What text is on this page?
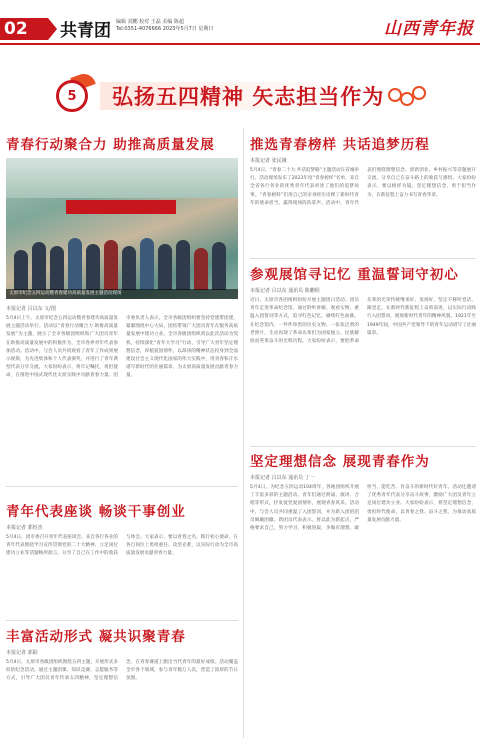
02	共青团 编辑 刘鹏 校对 王磊 美编 陈超
Tel:0351-4076666 2023年5月7日 星期日	山西青年报
5	弘扬五四精神 矢志担当作为
青春行动聚合力 助推高质量发展
太原市纪念五四运动暨青春建功高质量发展主题活动现场
本报记者 吕以东 文/图
5月4日上午，太原市纪念五四运动暨青春建功高质量发展主题活动举行。活动以“青春行动聚合力 助推高质量发展”为主题，展示了全市各级团组织和广大团员青年在助推高质量发展中的积极作为，全市各界青年代表参加活动。活动中，与会人员共同观看了青年工作成果展示视频，为先进集体和个人代表颁奖，并进行了青年典型代表分享交流。大家纷纷表示，将牢记嘱托，勇担使命，在推进中国式现代化太原实践中贡献青春力量。团市委负责人表示，全市各级团组织要坚持党建带团建，紧紧围绕中心大局，团结带领广大团员青年在服务高质量发展中建功立业。全市各级团组织将以此次活动为契机，持续深化“青年大学习”行动，引导广大青年坚定理想信念，厚植爱国情怀，以昂扬的精神状态投身到全面建设社会主义现代化国家的伟大实践中，用青春和汗水谱写新时代的壮丽篇章，为太原高质量发展贡献青春力量。
推选青春榜样 共话追梦历程
本报记者 张民娥
5月4日，“青春二十大·共话追梦路”主题活动在省城举行。活动现场发布了2023年度“青春榜样”名单，来自全省各行各业的优秀青年代表讲述了他们的追梦故事。“青春榜样”们用自己的亲身经历诠释了新时代青年的使命担当，赢得现场阵阵掌声。活动中，青年代表们围绕理想信念、创新创业、乡村振兴等话题展开交流，分享自己在奋斗路上的收获与感悟。大家纷纷表示，要以榜样为镜，坚定理想信念，勇于担当作为，在新征程上奋力书写青春华章。
参观展馆寻记忆 重温誓词守初心
本报记者 吕以东 通讯员 陈鹏程
近日，太原市各团组织纷纷开展主题团日活动。团员青年走进革命纪念馆，通过聆听讲解、观看实物、重温入团誓词等方式，追寻红色记忆，赓续红色血脉。在纪念馆内，一件件珍贵的历史文物、一张张泛黄的老照片，生动再现了革命先辈们为国家独立、民族解放而英勇奋斗的光辉历程。大家纷纷表示，要把革命先辈的光荣传统继承好、发扬好，坚定不移听党话、跟党走，在新时代新征程上奋勇前进，以实际行动践行入团誓词，展现新时代青年的精神风貌。1921年至1949年间，中国共产党领导下的青年运动谱写了壮丽篇章。
坚定理想信念 展现青春作为
本报记者 吕以东 通讯员 丁一
5月4日，为纪念五四运动104周年，各地团组织开展了丰富多彩的主题活动。青年们通过朗诵、演讲、合唱等形式，抒发爱党爱国情怀，展现青春风采。活动中，与会人员共同重温了入团誓词，并为新入团的团员佩戴团徽。新团员代表表示，将以此为新起点，严格要求自己，努力学习，积极进取，争做有理想、敢担当、能吃苦、肯奋斗的新时代好青年。活动还邀请了优秀青年代表分享奋斗故事，激励广大团员青年立足岗位建功立业。大家纷纷表示，将坚定理想信念，勇担时代使命，以青春之我、奋斗之我，为推动高质量发展贡献力量。
青年代表座谈 畅谈干事创业
本报记者 郭恒杰
5月4日，团市委召开青年代表座谈会。来自各行各业的青年代表围绕学习宣传贯彻党的二十大精神、立足岗位建功立业等话题畅所欲言，分享了自己在工作中的收获与体会。大家表示，要以青春之名，践行初心使命，在各自岗位上勇担重任、攻坚克难，以实际行动为全市高质量发展贡献青春力量。
丰富活动形式 凝共识聚青春
本报记者 郭阳
5月4日，太原市各级团组织围绕五四主题，开展形式多样的纪念活动。通过主题团课、知识竞赛、志愿服务等方式，引导广大团员青年传承五四精神，坚定理想信念，在青春赛道上跑出当代青年的最好成绩。活动覆盖全市各个领域，参与青年数万人次，营造了浓厚的节日氛围。
